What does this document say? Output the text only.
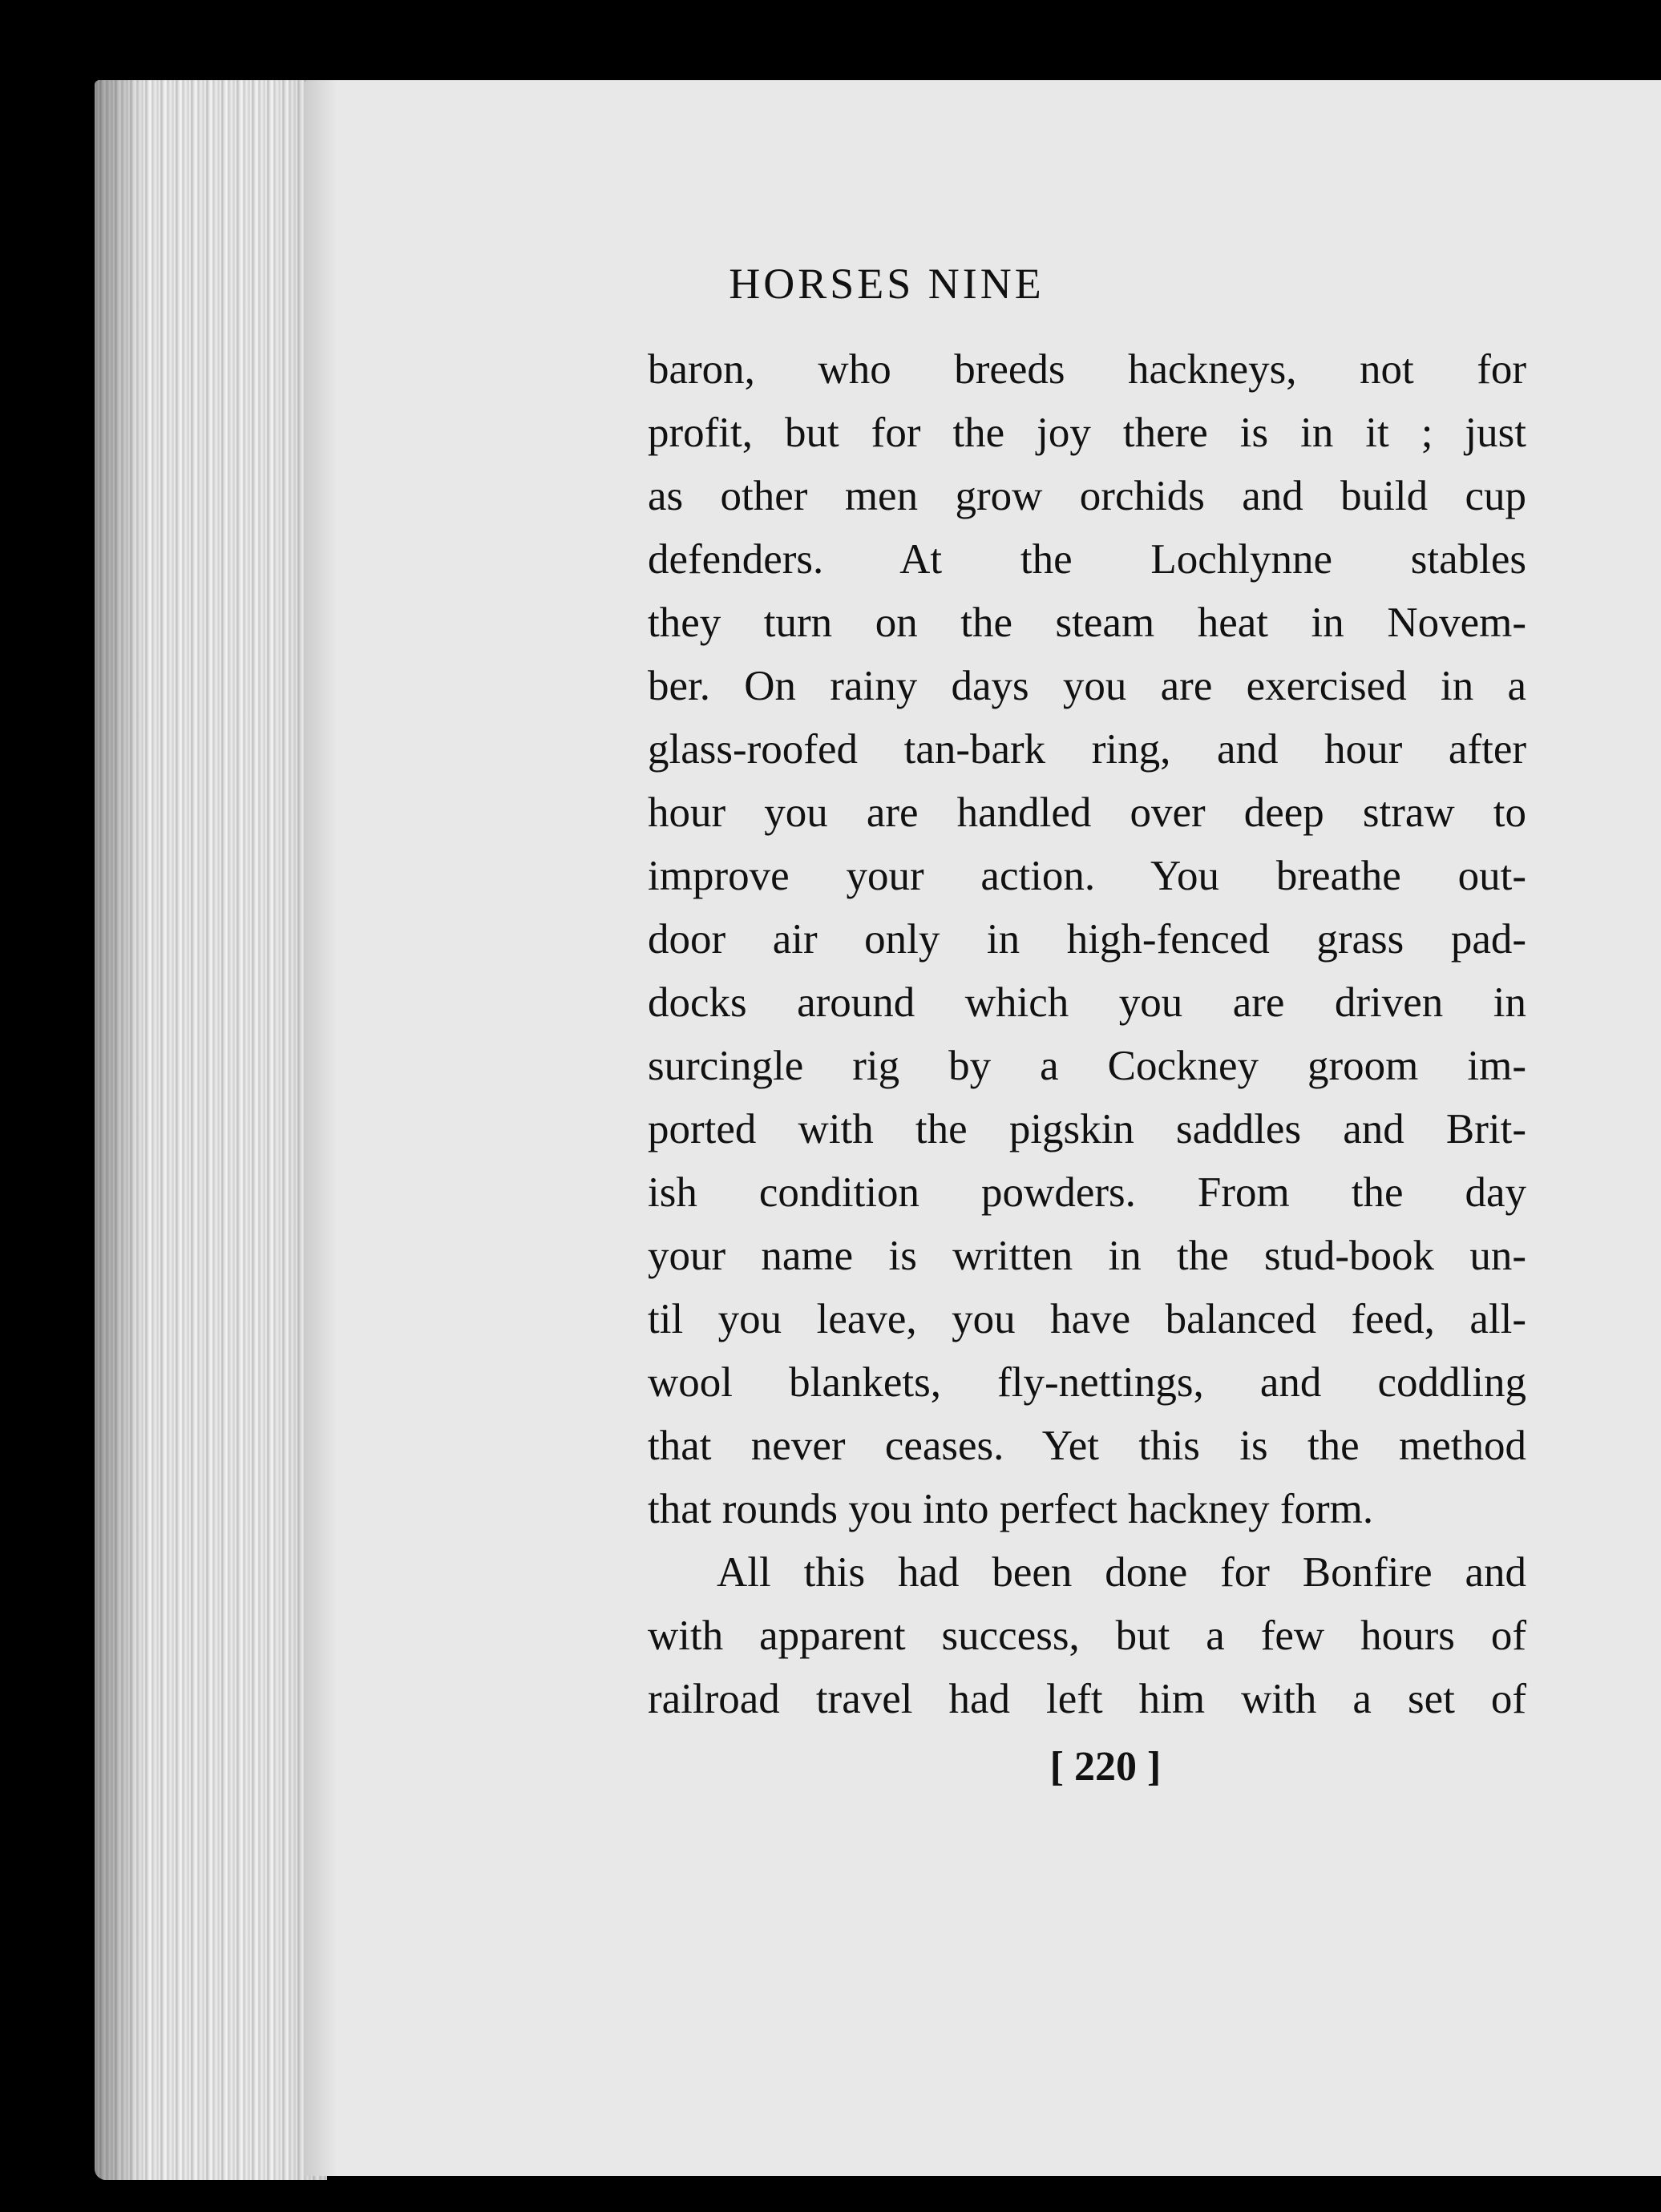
HORSES NINE
baron, who breeds hackneys, not for
profit, but for the joy there is in it ; just
as other men grow orchids and build cup
defenders. At the Lochlynne stables
they turn on the steam heat in Novem-
ber. On rainy days you are exercised in a
glass-roofed tan-bark ring, and hour after
hour you are handled over deep straw to
improve your action. You breathe out-
door air only in high-fenced grass pad-
docks around which you are driven in
surcingle rig by a Cockney groom im-
ported with the pigskin saddles and Brit-
ish condition powders. From the day
your name is written in the stud-book un-
til you leave, you have balanced feed, all-
wool blankets, fly-nettings, and coddling
that never ceases. Yet this is the method
that rounds you into perfect hackney form.
All this had been done for Bonfire and
with apparent success, but a few hours of
railroad travel had left him with a set of
[ 220 ]
